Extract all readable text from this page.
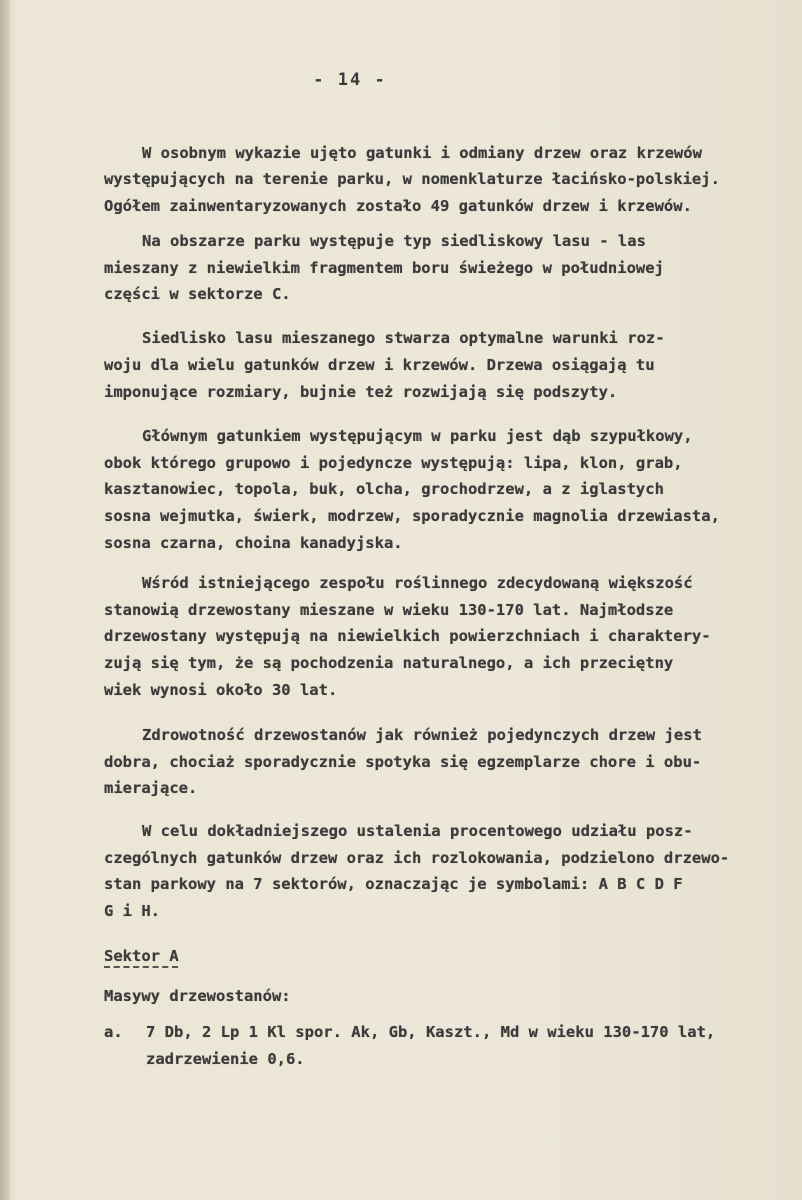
- 14 -
W osobnym wykazie ujęto gatunki i odmiany drzew oraz krzewów
występujących na terenie parku, w nomenklaturze łacińsko-polskiej.
Ogółem zainwentaryzowanych zostało 49 gatunków drzew i krzewów.
Na obszarze parku występuje typ siedliskowy lasu - las
mieszany z niewielkim fragmentem boru świeżego w południowej
części w sektorze C.
Siedlisko lasu mieszanego stwarza optymalne warunki roz-
woju dla wielu gatunków drzew i krzewów. Drzewa osiągają tu
imponujące rozmiary, bujnie też rozwijają się podszyty.
Głównym gatunkiem występującym w parku jest dąb szypułkowy,
obok którego grupowo i pojedyncze występują: lipa, klon, grab,
kasztanowiec, topola, buk, olcha, grochodrzew, a z iglastych
sosna wejmutka, świerk, modrzew, sporadycznie magnolia drzewiasta,
sosna czarna, choina kanadyjska.
Wśród istniejącego zespołu roślinnego zdecydowaną większość
stanowią drzewostany mieszane w wieku 130-170 lat. Najmłodsze
drzewostany występują na niewielkich powierzchniach i charaktery-
zują się tym, że są pochodzenia naturalnego, a ich przeciętny
wiek wynosi około 30 lat.
Zdrowotność drzewostanów jak również pojedynczych drzew jest
dobra, chociaż sporadycznie spotyka się egzemplarze chore i obu-
mierające.
W celu dokładniejszego ustalenia procentowego udziału posz-
czególnych gatunków drzew oraz ich rozlokowania, podzielono drzewo-
stan parkowy na 7 sektorów, oznaczając je symbolami: A B C D F
G i H.
Sektor A
Masywy drzewostanów:
a. 7 Db, 2 Lp 1 Kl spor. Ak, Gb, Kaszt., Md w wieku 130-170 lat,
zadrzewienie 0,6.
